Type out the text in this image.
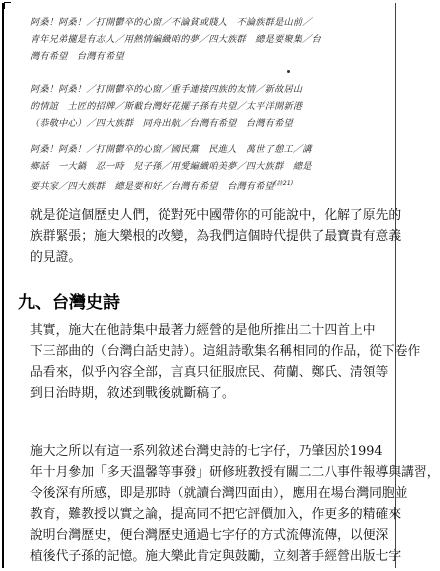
阿桑！阿桑！／打開鬱卒的心窗／不論貧或賤人　不論族群是山前／
青年兄弟攏是有志人／用熱情編織咱的夢／四大族群　總是要聚集／台
灣有希望　台灣有希望
阿桑！阿桑！／打開鬱卒的心窗／重手連接四族的友情／新故居山
的情誼　土匠的招牌／斯載台灣好花擺子孫有共望／太平洋開新港
（恭敬中心）／四大族群　同舟出航／台灣有希望　台灣有希望
阿桑！阿桑！／打開鬱卒的心窗／國民黨　民進人　萬世了憩工／講
鄉話　一大鍋　忍一時　兒子孫／用愛編織咱美夢／四大族群　總是
要共家／四大族群　總是要和好／台灣有希望　台灣有希望$^{(註21)}$
就是從這個歷史人們，從對死中國帶你的可能說中，化解了原先的
族群緊張；施大樂根的改變，為我們這個時代提供了最寶貴有意義
的見證。
九、台灣史詩
其實，施大在他詩集中最著力經營的是他所推出二十四首上中
下三部曲的（台灣白話史詩）。這組詩歌集名稱相同的作品，從下卷作
品看來，似乎內容全部，言真只征服庶民、荷蘭、鄭氏、清領等
到日治時期，敘述到戰後就斷稿了。
施大之所以有這一系列敘述台灣史詩的七字仔，乃肇因於1994
年十月參加「多天溫馨等事發」研修班教授有關二二八事件報導與講習，
令後深有所感，即是那時（就讀台灣四面由），應用在場台灣同胞並
教育，難教授以實之論，提高同不把它評價加入，作更多的精確來
說明台灣歷史，便台灣歷史通過七字仔的方式流傳流傳，以便深
植後代子孫的記憶。施大樂此肯定與鼓勵，立刻著手經營出版七字
